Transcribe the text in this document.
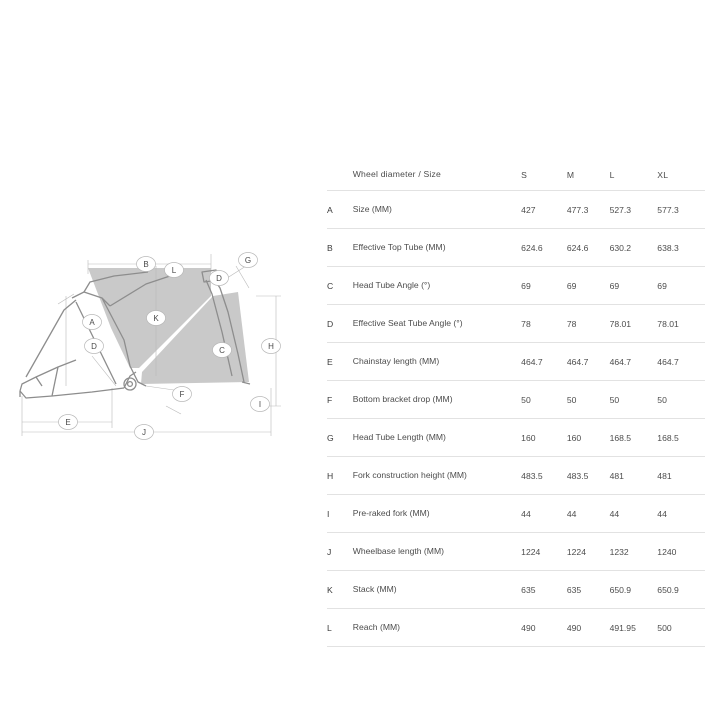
B
L
G
D
H
K
A
D	C
F
I
E
J
	Wheel diameter / Size	S	M	L	XL
A	Size (MM)	427	477.3	527.3	577.3
B	Effective Top Tube (MM)	624.6	624.6	630.2	638.3
C	Head Tube Angle (°)	69	69	69	69
D	Effective Seat Tube Angle (°)	78	78	78.01	78.01
E	Chainstay length (MM)	464.7	464.7	464.7	464.7
F	Bottom bracket drop (MM)	50	50	50	50
G	Head Tube Length (MM)	160	160	168.5	168.5
H	Fork construction height (MM)	483.5	483.5	481	481
I	Pre-raked fork (MM)	44	44	44	44
J	Wheelbase length (MM)	1224	1224	1232	1240
K	Stack (MM)	635	635	650.9	650.9
L	Reach (MM)	490	490	491.95	500
